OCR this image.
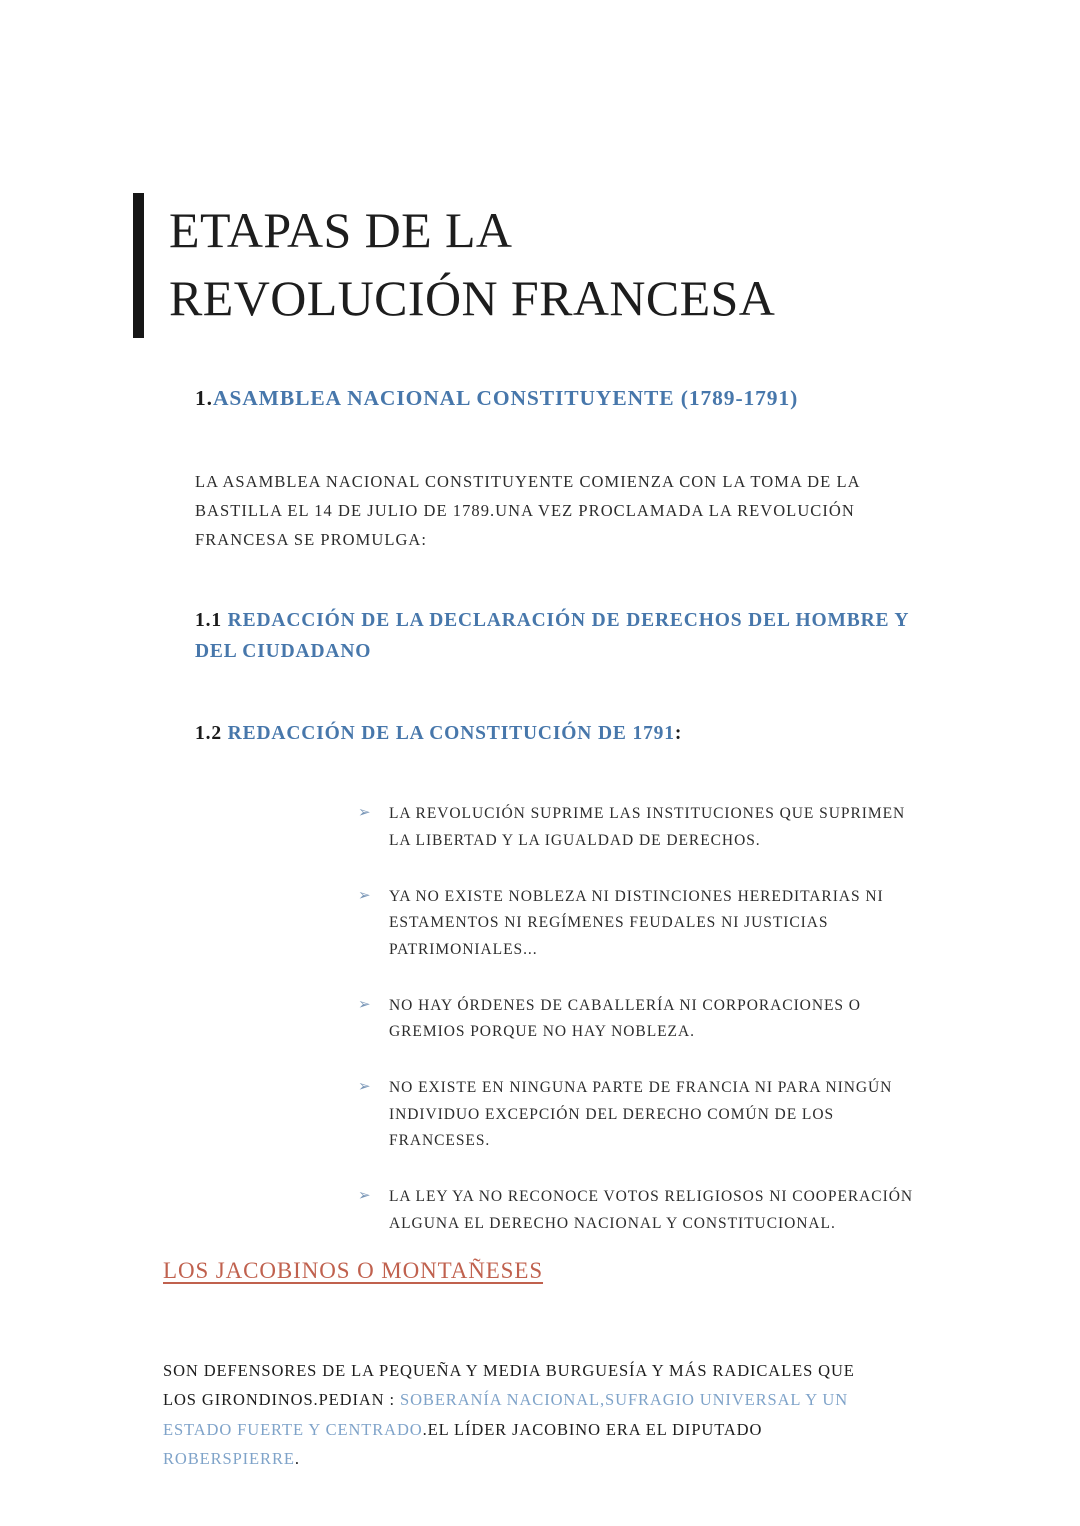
ETAPAS DE LA REVOLUCIÓN FRANCESA
1.ASAMBLEA NACIONAL CONSTITUYENTE (1789-1791)

LA ASAMBLEA NACIONAL CONSTITUYENTE COMIENZA CON LA TOMA DE LA BASTILLA EL 14 DE JULIO DE 1789.UNA VEZ PROCLAMADA LA REVOLUCIÓN FRANCESA SE PROMULGA:

1.1 REDACCIÓN DE LA DECLARACIÓN DE DERECHOS DEL HOMBRE Y DEL CIUDADANO
1.2 REDACCIÓN DE LA CONSTITUCIÓN DE 1791:
➢ LA REVOLUCIÓN SUPRIME LAS INSTITUCIONES QUE SUPRIMEN LA LIBERTAD Y LA IGUALDAD DE DERECHOS.
➢ YA NO EXISTE NOBLEZA NI DISTINCIONES HEREDITARIAS NI ESTAMENTOS NI REGÍMENES FEUDALES NI JUSTICIAS PATRIMONIALES...
➢ NO HAY ÓRDENES DE CABALLERÍA NI CORPORACIONES O GREMIOS PORQUE NO HAY NOBLEZA.
➢ NO EXISTE EN NINGUNA PARTE DE FRANCIA NI PARA NINGÚN INDIVIDUO EXCEPCIÓN DEL DERECHO COMÚN DE LOS FRANCESES.
➢ LA LEY YA NO RECONOCE VOTOS RELIGIOSOS NI COOPERACIÓN ALGUNA EL DERECHO NACIONAL Y CONSTITUCIONAL.
LOS JACOBINOS O MONTAÑESES

SON DEFENSORES DE LA PEQUEÑA Y MEDIA BURGUESÍA Y MÁS RADICALES QUE LOS GIRONDINOS.PEDIAN : SOBERANÍA NACIONAL,SUFRAGIO UNIVERSAL Y UN ESTADO FUERTE Y CENTRADO.EL LÍDER JACOBINO ERA EL DIPUTADO ROBERSPIERRE.
